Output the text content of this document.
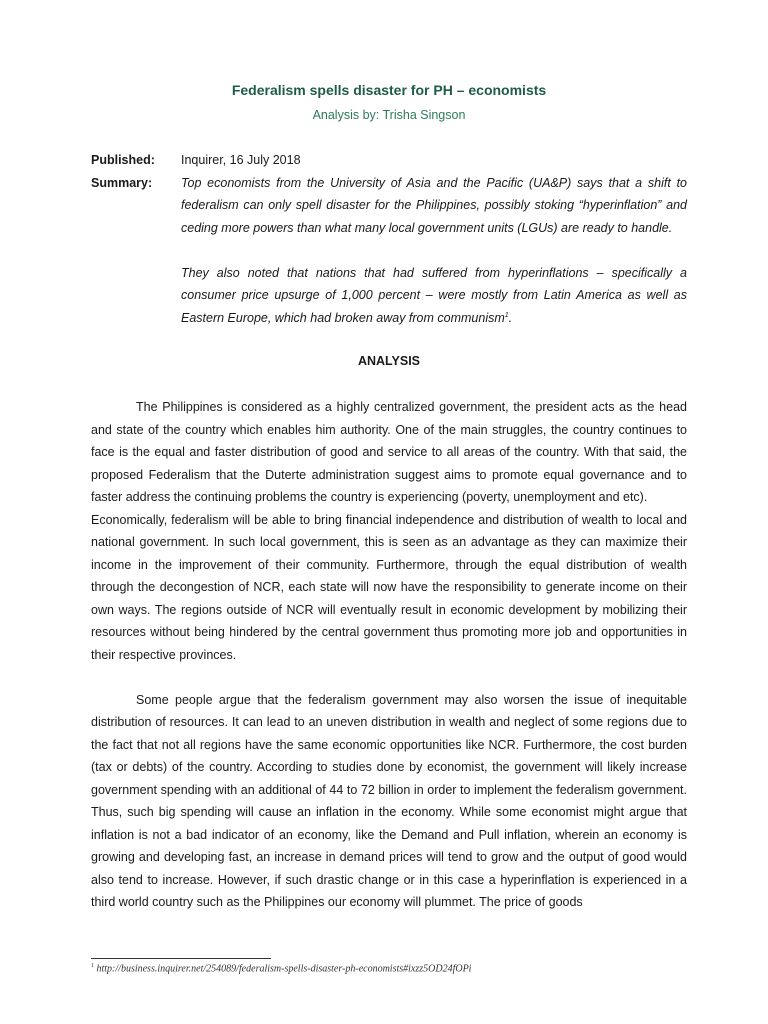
Federalism spells disaster for PH – economists
Analysis by: Trisha Singson
Published:	Inquirer, 16 July 2018
Summary:	Top economists from the University of Asia and the Pacific (UA&P) says that a shift to federalism can only spell disaster for the Philippines, possibly stoking “hyperinflation” and ceding more powers than what many local government units (LGUs) are ready to handle.

They also noted that nations that had suffered from hyperinflations – specifically a consumer price upsurge of 1,000 percent – were mostly from Latin America as well as Eastern Europe, which had broken away from communism$^1$.

ANALYSIS

The Philippines is considered as a highly centralized government, the president acts as the head and state of the country which enables him authority. One of the main struggles, the country continues to face is the equal and faster distribution of good and service to all areas of the country. With that said, the proposed Federalism that the Duterte administration suggest aims to promote equal governance and to faster address the continuing problems the country is experiencing (poverty, unemployment and etc).

Economically, federalism will be able to bring financial independence and distribution of wealth to local and national government. In such local government, this is seen as an advantage as they can maximize their income in the improvement of their community. Furthermore, through the equal distribution of wealth through the decongestion of NCR, each state will now have the responsibility to generate income on their own ways. The regions outside of NCR will eventually result in economic development by mobilizing their resources without being hindered by the central government thus promoting more job and opportunities in their respective provinces.

Some people argue that the federalism government may also worsen the issue of inequitable distribution of resources. It can lead to an uneven distribution in wealth and neglect of some regions due to the fact that not all regions have the same economic opportunities like NCR. Furthermore, the cost burden (tax or debts) of the country. According to studies done by economist, the government will likely increase government spending with an additional of 44 to 72 billion in order to implement the federalism government. Thus, such big spending will cause an inflation in the economy. While some economist might argue that inflation is not a bad indicator of an economy, like the Demand and Pull inflation, wherein an economy is growing and developing fast, an increase in demand prices will tend to grow and the output of good would also tend to increase. However, if such drastic change or in this case a hyperinflation is experienced in a third world country such as the Philippines our economy will plummet. The price of goods

$^1$ http://business.inquirer.net/254089/federalism-spells-disaster-ph-economists#ixzz5OD24fOPi
